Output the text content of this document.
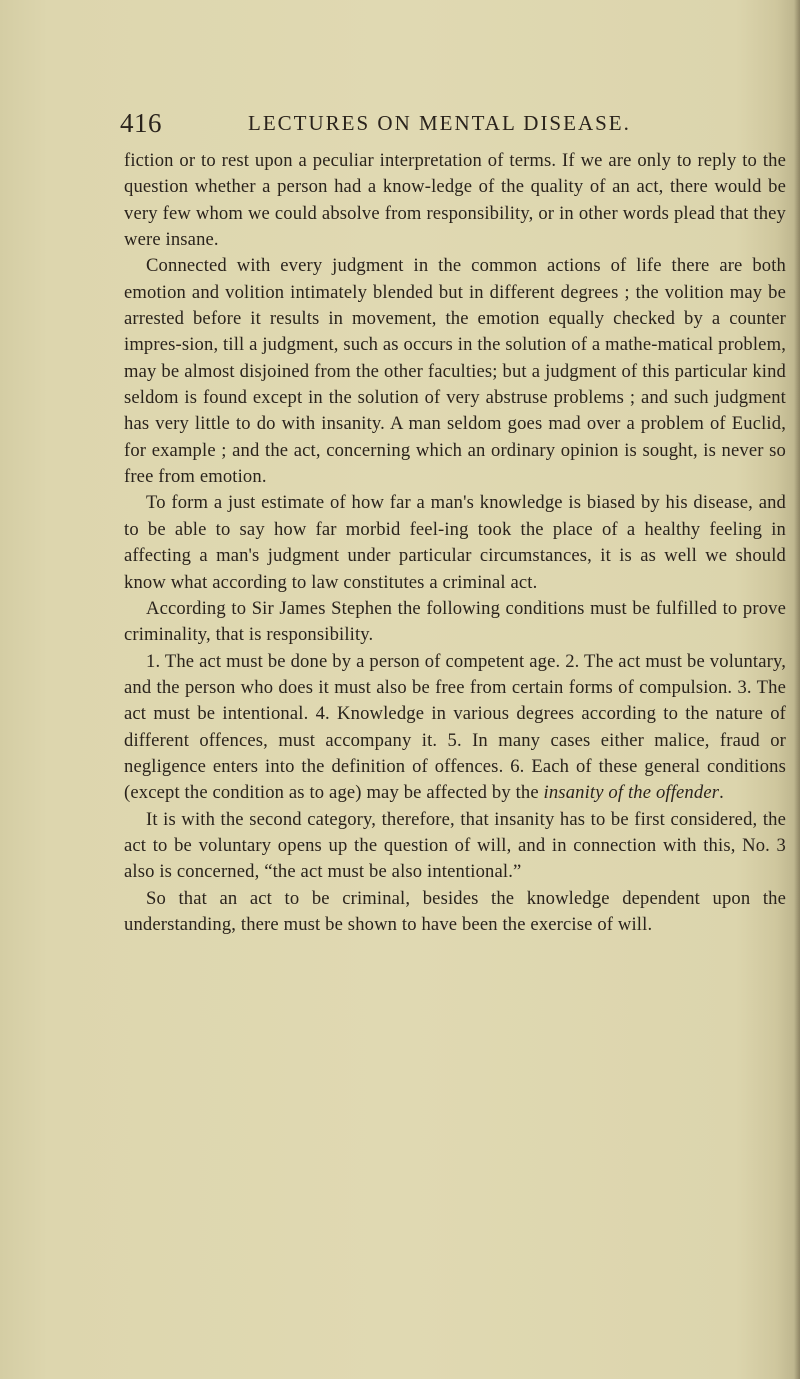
416	LECTURES ON MENTAL DISEASE.

fiction or to rest upon a peculiar interpretation of terms. If we are only to reply to the question whether a person had a know-ledge of the quality of an act, there would be very few whom we could absolve from responsibility, or in other words plead that they were insane.

Connected with every judgment in the common actions of life there are both emotion and volition intimately blended but in different degrees ; the volition may be arrested before it results in movement, the emotion equally checked by a counter impres-sion, till a judgment, such as occurs in the solution of a mathe-matical problem, may be almost disjoined from the other faculties; but a judgment of this particular kind seldom is found except in the solution of very abstruse problems ; and such judgment has very little to do with insanity. A man seldom goes mad over a problem of Euclid, for example ; and the act, concerning which an ordinary opinion is sought, is never so free from emotion.

To form a just estimate of how far a man's knowledge is biased by his disease, and to be able to say how far morbid feel-ing took the place of a healthy feeling in affecting a man's judgment under particular circumstances, it is as well we should know what according to law constitutes a criminal act.

According to Sir James Stephen the following conditions must be fulfilled to prove criminality, that is responsibility.

1. The act must be done by a person of competent age. 2. The act must be voluntary, and the person who does it must also be free from certain forms of compulsion. 3. The act must be intentional. 4. Knowledge in various degrees according to the nature of different offences, must accompany it. 5. In many cases either malice, fraud or negligence enters into the definition of offences. 6. Each of these general conditions (except the condition as to age) may be affected by the insanity of the offender.

It is with the second category, therefore, that insanity has to be first considered, the act to be voluntary opens up the question of will, and in connection with this, No. 3 also is concerned, “the act must be also intentional.”

So that an act to be criminal, besides the knowledge dependent upon the understanding, there must be shown to have been the exercise of will.
